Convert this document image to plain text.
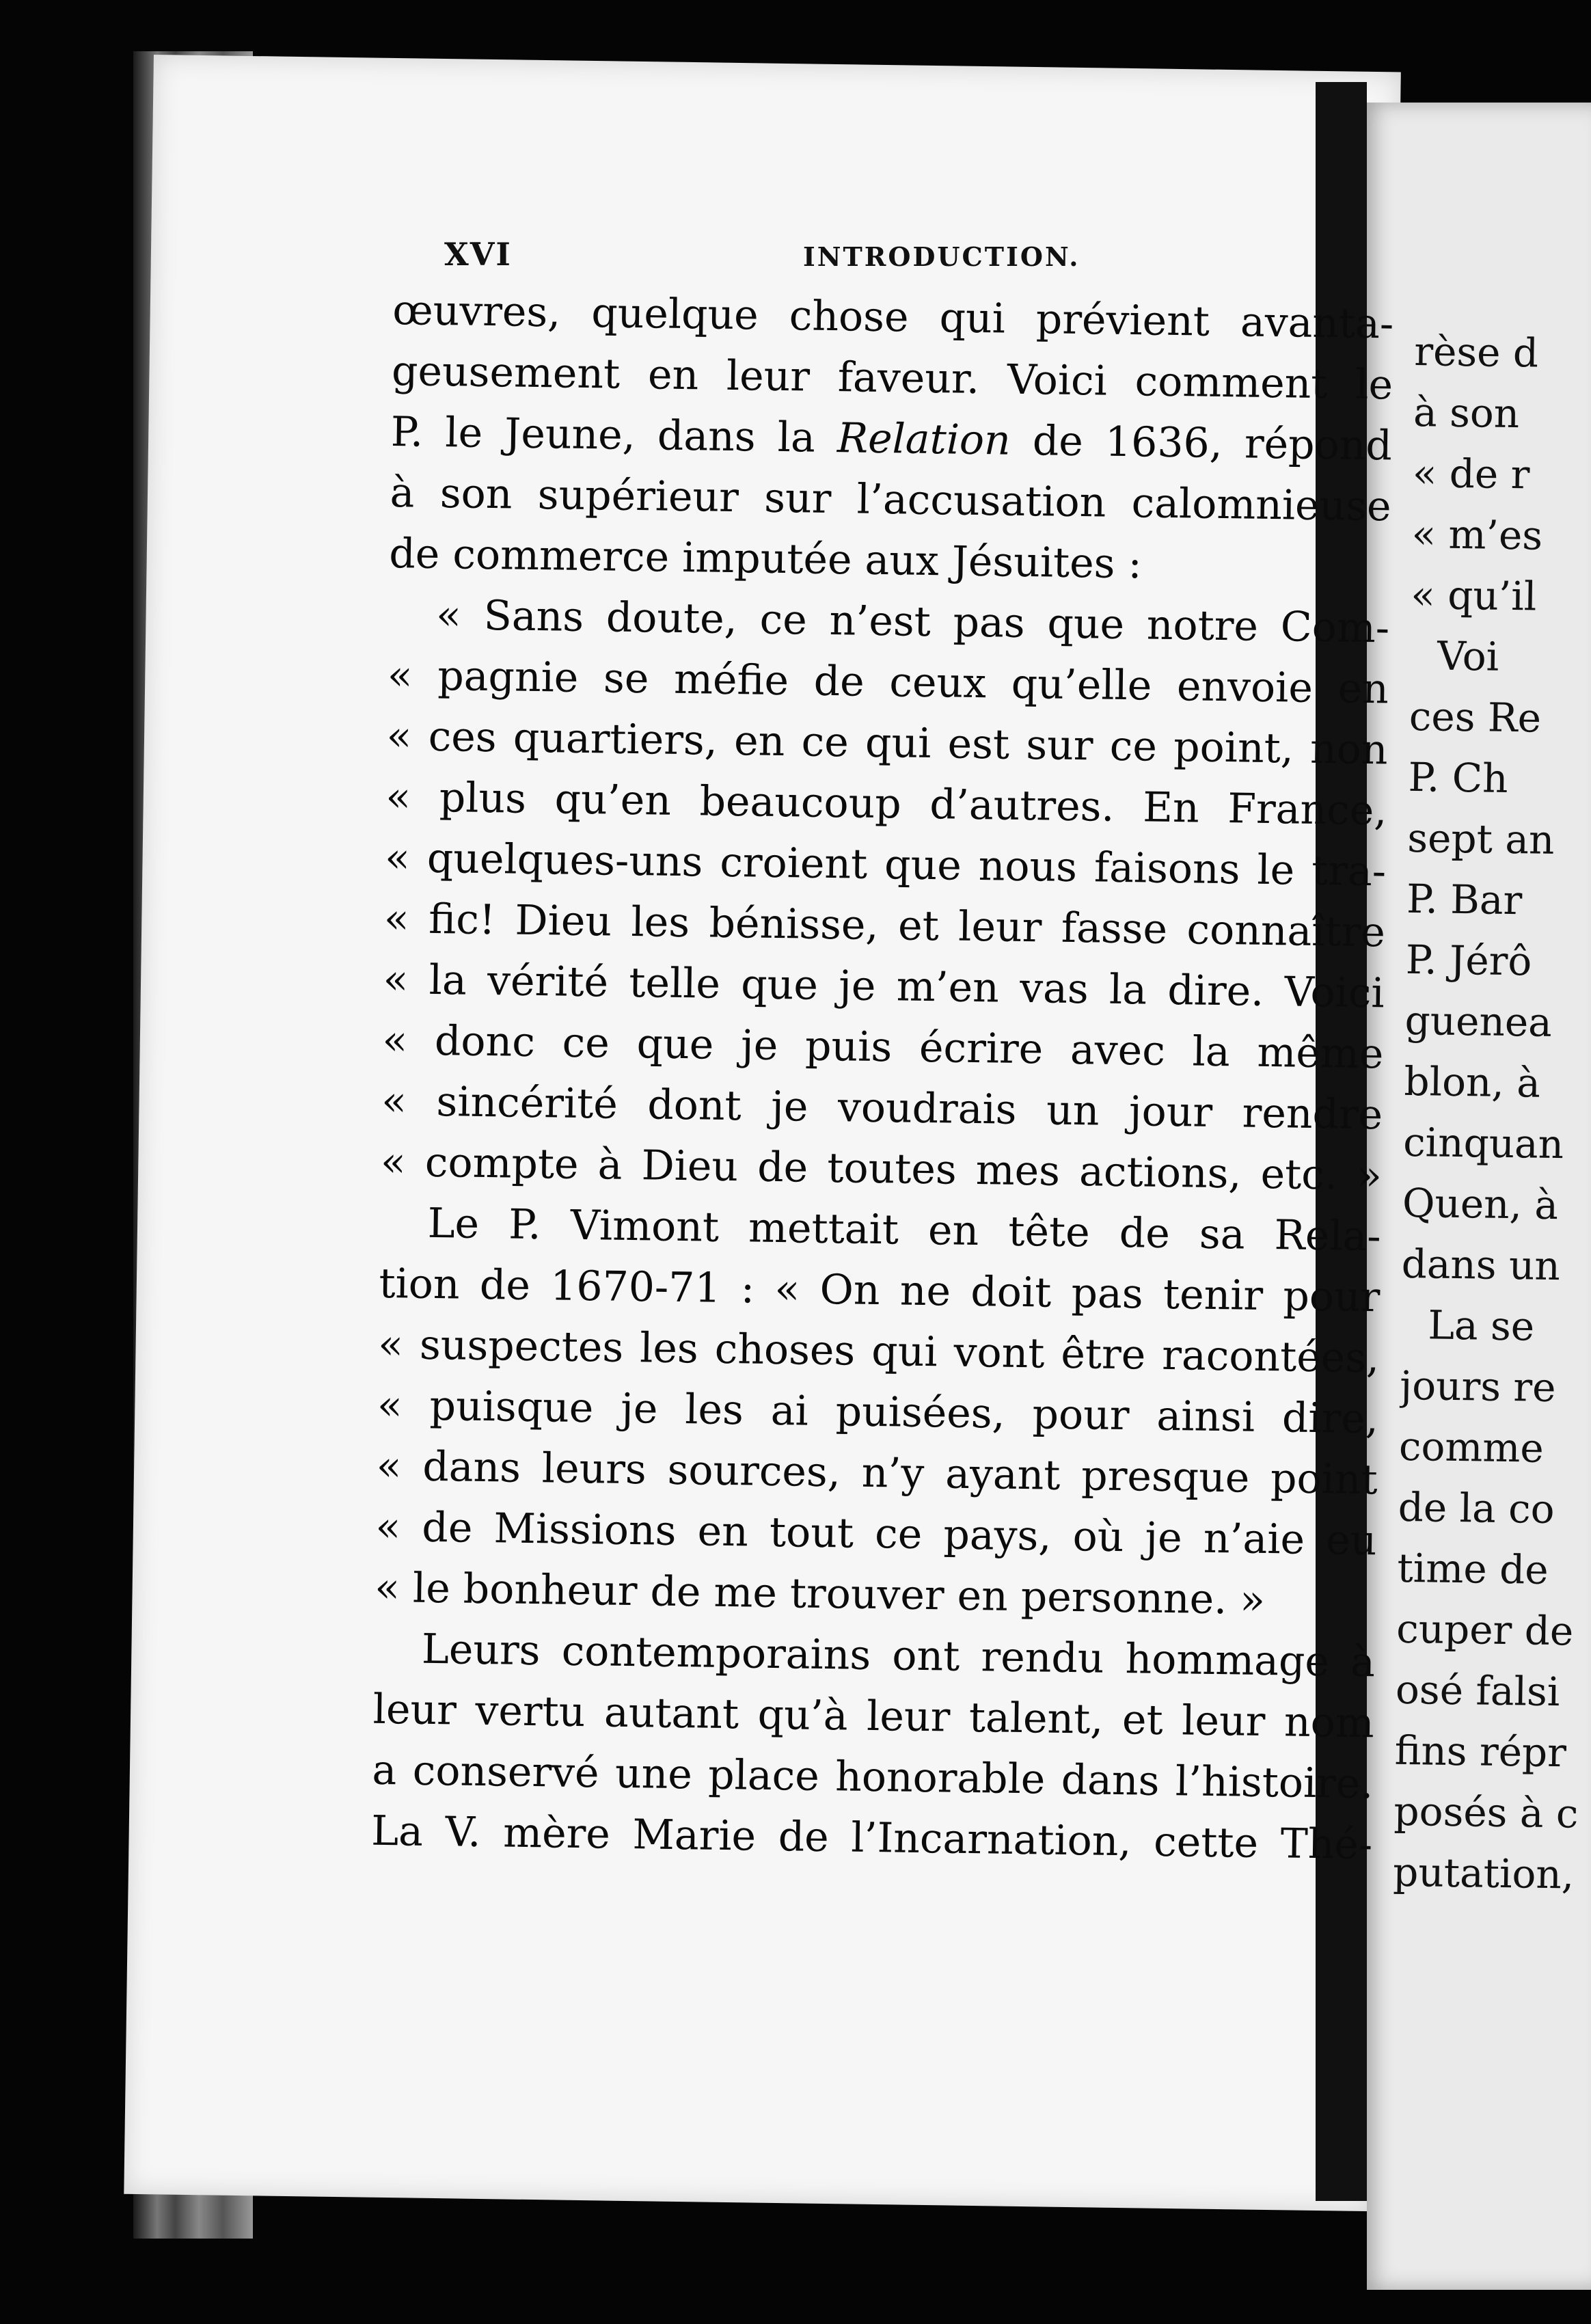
XVI	INTRODUCTION.
œuvres, quelque chose qui prévient avanta-
geusement en leur faveur. Voici comment le
P. le Jeune, dans la Relation de 1636, répond
à son supérieur sur l’accusation calomnieuse
de commerce imputée aux Jésuites :
« Sans doute, ce n’est pas que notre Com-
« pagnie se méfie de ceux qu’elle envoie en
« ces quartiers, en ce qui est sur ce point, non
« plus qu’en beaucoup d’autres. En France,
« quelques-uns croient que nous faisons le tra-
« fic! Dieu les bénisse, et leur fasse connaître
« la vérité telle que je m’en vas la dire. Voici
« donc ce que je puis écrire avec la même
« sincérité dont je voudrais un jour rendre
« compte à Dieu de toutes mes actions, etc. »
Le P. Vimont mettait en tête de sa Rela-
tion de 1670-71 : « On ne doit pas tenir pour
« suspectes les choses qui vont être racontées,
« puisque je les ai puisées, pour ainsi dire,
« dans leurs sources, n’y ayant presque point
« de Missions en tout ce pays, où je n’aie eu
« le bonheur de me trouver en personne. »
Leurs contemporains ont rendu hommage à
leur vertu autant qu’à leur talent, et leur nom
a conservé une place honorable dans l’histoire.
La V. mère Marie de l’Incarnation, cette Thé-
rèse d
à son
« de r
« m’es
« qu’il
Voi
ces Re
P. Ch
sept an
P. Bar
P. Jérô
guenea
blon, à
cinquan
Quen, à
dans un
La se
jours re
comme
de la co
time de
cuper de
osé falsi
fins répr
posés à c
putation,
